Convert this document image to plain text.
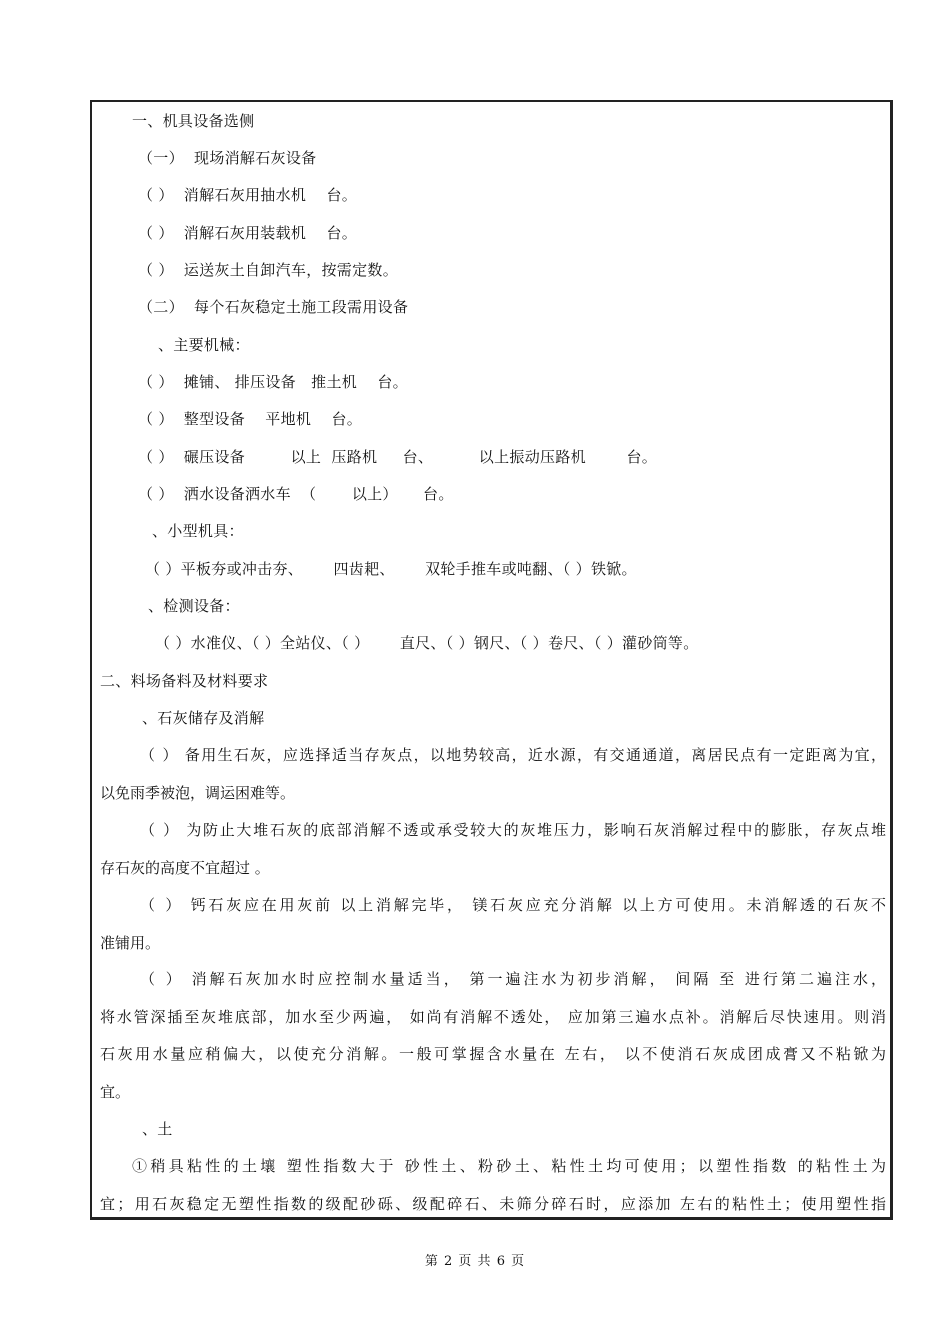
一、机具设备选侧
（一）  现场消解石灰设备
（ ）  消解石灰用抽水机    台。
（ ）  消解石灰用装载机    台。
（ ）  运送灰土自卸汽车，按需定数。
（二）  每个石灰稳定土施工段需用设备
、主要机械：
（ ）  摊铺、 排压设备   推土机    台。
（ ）  整型设备    平地机    台。
（ ）  碾压设备         以上  压路机     台、         以上振动压路机        台。
（ ）  洒水设备洒水车  （       以上）     台。
、小型机具：
（ ）平板夯或冲击夯、      四齿耙、      双轮手推车或吨翻、（ ）铁锨。
、检测设备：
（ ）水准仪、（ ）全站仪、（ ）      直尺、（ ）钢尺、（ ）卷尺、（ ）灌砂筒等。
二、料场备料及材料要求
、石灰储存及消解
（ ） 备用生石灰，应选择适当存灰点，以地势较高，近水源，有交通通道，离居民点有一定距离为宜，
以免雨季被泡，调运困难等。
（ ） 为防止大堆石灰的底部消解不透或承受较大的灰堆压力，影响石灰消解过程中的膨胀，存灰点堆
存石灰的高度不宜超过 。
（ ） 钙石灰应在用灰前 以上消解完毕， 镁石灰应充分消解 以上方可使用。未消解透的石灰不
准铺用。
（ ） 消解石灰加水时应控制水量适当， 第一遍注水为初步消解， 间隔 至 进行第二遍注水，
将水管深插至灰堆底部，加水至少两遍， 如尚有消解不透处， 应加第三遍水点补。消解后尽快速用。则消
石灰用水量应稍偏大，以使充分消解。一般可掌握含水量在 左右， 以不使消石灰成团成膏又不粘锨为
宜。
、土
①稍具粘性的土壤 塑性指数大于 砂性土、粉砂土、粘性土均可使用；以塑性指数 的粘性土为
宜；用石灰稳定无塑性指数的级配砂砾、级配碎石、未筛分碎石时，应添加 左右的粘性土；使用塑性指
第 2 页 共 6 页
